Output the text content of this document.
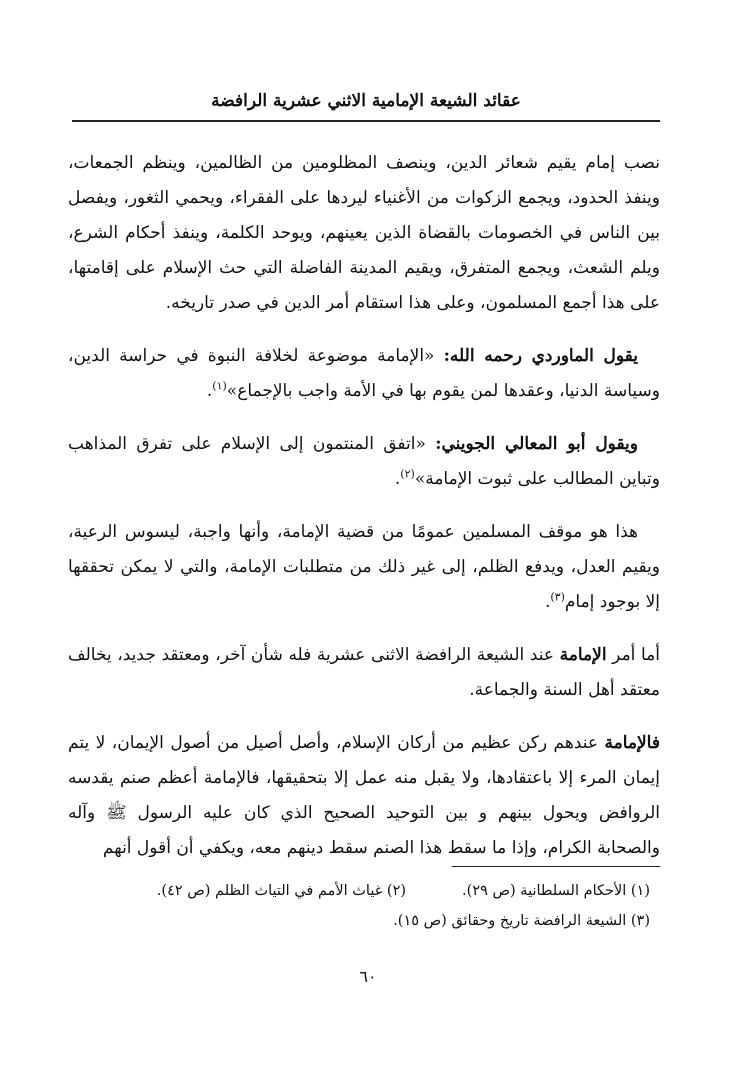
عقائد الشيعة الإمامية الاثني عشرية الرافضة

نصب إمام يقيم شعائر الدين، وينصف المظلومين من الظالمين، وينظم الجمعات، وينفذ الحدود، ويجمع الزكوات من الأغنياء ليردها على الفقراء، ويحمي الثغور، ويفصل بين الناس في الخصومات بالقضاة الذين يعينهم، ويوحد الكلمة، وينفذ أحكام الشرع، ويلم الشعث، ويجمع المتفرق، ويقيم المدينة الفاضلة التي حث الإسلام على إقامتها، على هذا أجمع المسلمون، وعلى هذا استقام أمر الدين في صدر تاريخه.

يقول الماوردي رحمه الله: «الإمامة موضوعة لخلافة النبوة في حراسة الدين، وسياسة الدنيا، وعقدها لمن يقوم بها في الأمة واجب بالإجماع»$^{(١)}$.

ويقول أبو المعالي الجويني: «اتفق المنتمون إلى الإسلام على تفرق المذاهب وتباين المطالب على ثبوت الإمامة»$^{(٢)}$.

هذا هو موقف المسلمين عمومًا من قضية الإمامة، وأنها واجبة، ليسوس الرعية، ويقيم العدل، ويدفع الظلم، إلى غير ذلك من متطلبات الإمامة، والتي لا يمكن تحققها إلا بوجود إمام$^{(٣)}$.

أما أمر الإمامة عند الشيعة الرافضة الاثنى عشرية فله شأن آخر، ومعتقد جديد، يخالف معتقد أهل السنة والجماعة.

فالإمامة عندهم ركن عظيم من أركان الإسلام، وأصل أصيل من أصول الإيمان، لا يتم إيمان المرء إلا باعتقادها، ولا يقبل منه عمل إلا بتحقيقها، فالإمامة أعظم صنم يقدسه الروافض ويحول بينهم و بين التوحيد الصحيح الذي كان عليه الرسول ﷺ وآله والصحابة الكرام، وإذا ما سقط هذا الصنم سقط دينهم معه، ويكفي أن أقول أنهم

(١) الأحكام السلطانية (ص ٢٩).
(٢) غياث الأمم في التياث الظلم (ص ٤٢).
(٣) الشيعة الرافضة تاريخ وحقائق (ص ١٥).
٦٠
